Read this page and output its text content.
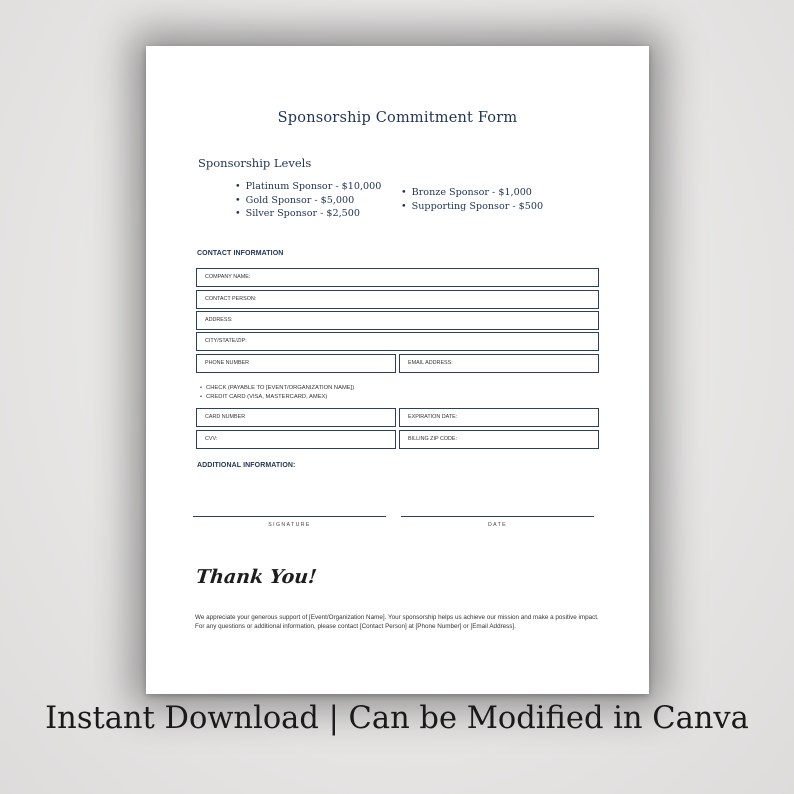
Sponsorship Commitment Form
Sponsorship Levels
• Platinum Sponsor - $10,000
• Gold Sponsor - $5,000
• Silver Sponsor - $2,500
• Bronze Sponsor - $1,000
• Supporting Sponsor - $500
CONTACT INFORMATION
COMPANY NAME:
CONTACT PERSON:
ADDRESS:
CITY/STATE/ZIP:
PHONE NUMBER	EMAIL ADDRESS:
• CHECK (PAYABLE TO [EVENT/ORGANIZATION NAME])
• CREDIT CARD (VISA, MASTERCARD, AMEX)
CARD NUMBER	EXPIRATION DATE:
CVV:	BILLING ZIP CODE:
ADDITIONAL INFORMATION:
SIGNATURE	DATE
Thank You!
We appreciate your generous support of [Event/Organization Name]. Your sponsorship helps us achieve our mission and make a positive impact. For any questions or additional information, please contact [Contact Person] at [Phone Number] or [Email Address].
Instant Download | Can be Modified in Canva
